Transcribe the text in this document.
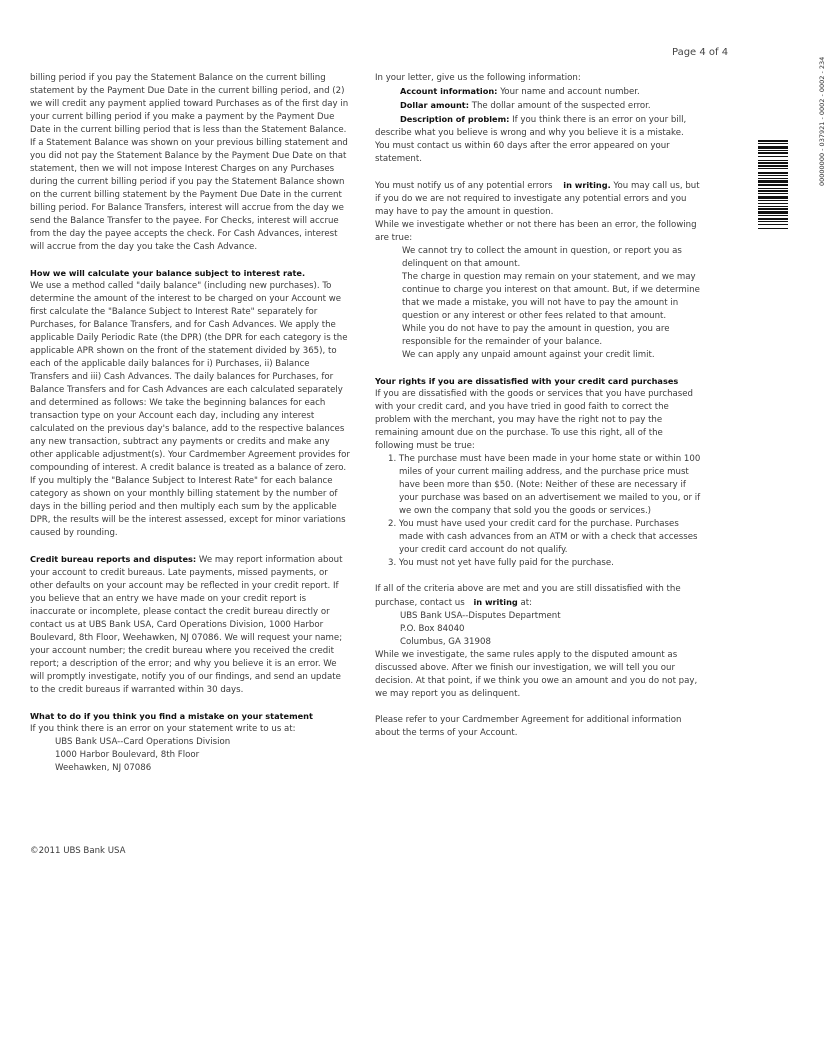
Page 4 of 4

billing period if you pay the Statement Balance on the current billing statement by the Payment Due Date in the current billing period, and (2) we will credit any payment applied toward Purchases as of the first day in your current billing period if you make a payment by the Payment Due Date in the current billing period that is less than the Statement Balance. If a Statement Balance was shown on your previous billing statement and you did not pay the Statement Balance by the Payment Due Date on that statement, then we will not impose Interest Charges on any Purchases during the current billing period if you pay the Statement Balance shown on the current billing statement by the Payment Due Date in the current billing period. For Balance Transfers, interest will accrue from the day we send the Balance Transfer to the payee. For Checks, interest will accrue from the day the payee accepts the check. For Cash Advances, interest will accrue from the day you take the Cash Advance.

How we will calculate your balance subject to interest rate.

We use a method called "daily balance" (including new purchases). To determine the amount of the interest to be charged on your Account we first calculate the "Balance Subject to Interest Rate" separately for Purchases, for Balance Transfers, and for Cash Advances. We apply the applicable Daily Periodic Rate (the DPR) (the DPR for each category is the applicable APR shown on the front of the statement divided by 365), to each of the applicable daily balances for i) Purchases, ii) Balance Transfers and iii) Cash Advances. The daily balances for Purchases, for Balance Transfers and for Cash Advances are each calculated separately and determined as follows: We take the beginning balances for each transaction type on your Account each day, including any interest calculated on the previous day's balance, add to the respective balances any new transaction, subtract any payments or credits and make any other applicable adjustment(s). Your Cardmember Agreement provides for compounding of interest. A credit balance is treated as a balance of zero. If you multiply the "Balance Subject to Interest Rate" for each balance category as shown on your monthly billing statement by the number of days in the billing period and then multiply each sum by the applicable DPR, the results will be the interest assessed, except for minor variations caused by rounding.

Credit bureau reports and disputes: We may report information about your account to credit bureaus. Late payments, missed payments, or other defaults on your account may be reflected in your credit report. If you believe that an entry we have made on your credit report is inaccurate or incomplete, please contact the credit bureau directly or contact us at UBS Bank USA, Card Operations Division, 1000 Harbor Boulevard, 8th Floor, Weehawken, NJ 07086. We will request your name; your account number; the credit bureau where you received the credit report; a description of the error; and why you believe it is an error. We will promptly investigate, notify you of our findings, and send an update to the credit bureaus if warranted within 30 days.

What to do if you think you find a mistake on your statement
If you think there is an error on your statement write to us at:
UBS Bank USA--Card Operations Division
1000 Harbor Boulevard, 8th Floor
Weehawken, NJ 07086
In your letter, give us the following information:
Account information: Your name and account number.
Dollar amount: The dollar amount of the suspected error.

Description of problem: If you think there is an error on your bill, describe what you believe is wrong and why you believe it is a mistake. You must contact us within 60 days after the error appeared on your statement.

You must notify us of any potential errors in writing. You may call us, but if you do we are not required to investigate any potential errors and you may have to pay the amount in question.
While we investigate whether or not there has been an error, the following are true:
We cannot try to collect the amount in question, or report you as delinquent on that amount.
The charge in question may remain on your statement, and we may continue to charge you interest on that amount. But, if we determine that we made a mistake, you will not have to pay the amount in question or any interest or other fees related to that amount.
While you do not have to pay the amount in question, you are responsible for the remainder of your balance.

We can apply any unpaid amount against your credit limit.

Your rights if you are dissatisfied with your credit card purchases
If you are dissatisfied with the goods or services that you have purchased with your credit card, and you have tried in good faith to correct the problem with the merchant, you may have the right not to pay the remaining amount due on the purchase. To use this right, all of the following must be true:
1. The purchase must have been made in your home state or within 100 miles of your current mailing address, and the purchase price must have been more than $50. (Note: Neither of these are necessary if your purchase was based on an advertisement we mailed to you, or if we own the company that sold you the goods or services.)
2. You must have used your credit card for the purchase. Purchases made with cash advances from an ATM or with a check that accesses your credit card account do not qualify.
3. You must not yet have fully paid for the purchase.
If all of the criteria above are met and you are still dissatisfied with the purchase, contact us in writing at:
UBS Bank USA--Disputes Department
P.O. Box 84040
Columbus, GA 31908

While we investigate, the same rules apply to the disputed amount as discussed above. After we finish our investigation, we will tell you our decision. At that point, if we think you owe an amount and you do not pay, we may report you as delinquent.

Please refer to your Cardmember Agreement for additional information about the terms of your Account.

©2011 UBS Bank USA
00000000 - 037921 - 0002 - 0002 - 234
